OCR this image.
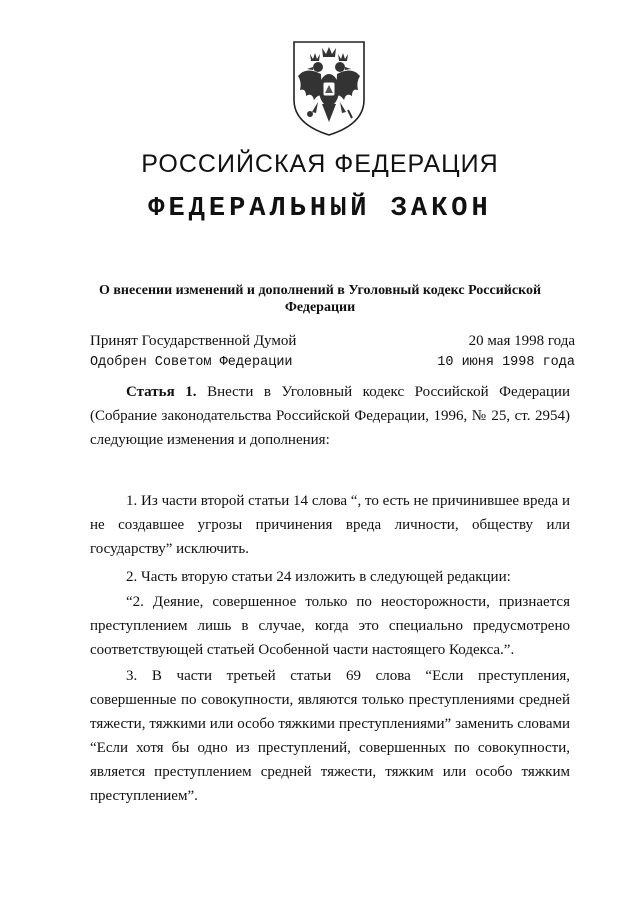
РОССИЙСКАЯ ФЕДЕРАЦИЯ
ФЕДЕРАЛЬНЫЙ ЗАКОН
О внесении изменений и дополнений в Уголовный кодекс Российской Федерации
Принят Государственной Думой	20 мая 1998 года
Одобрен Советом Федерации	10 июня 1998 года
Статья 1. Внести в Уголовный кодекс Российской Федерации (Собрание законодательства Российской Федерации, 1996, № 25, ст. 2954) следующие изменения и дополнения:
1. Из части второй статьи 14 слова “, то есть не причинившее вреда и не создавшее угрозы причинения вреда личности, обществу или государству” исключить.
2. Часть вторую статьи 24 изложить в следующей редакции:
“2. Деяние, совершенное только по неосторожности, признается преступлением лишь в случае, когда это специально предусмотрено соответствующей статьей Особенной части настоящего Кодекса.”.
3. В части третьей статьи 69 слова “Если преступления, совершенные по совокупности, являются только преступлениями средней тяжести, тяжкими или особо тяжкими преступлениями” заменить словами “Если хотя бы одно из преступлений, совершенных по совокупности, является преступлением средней тяжести, тяжким или особо тяжким преступлением”.
